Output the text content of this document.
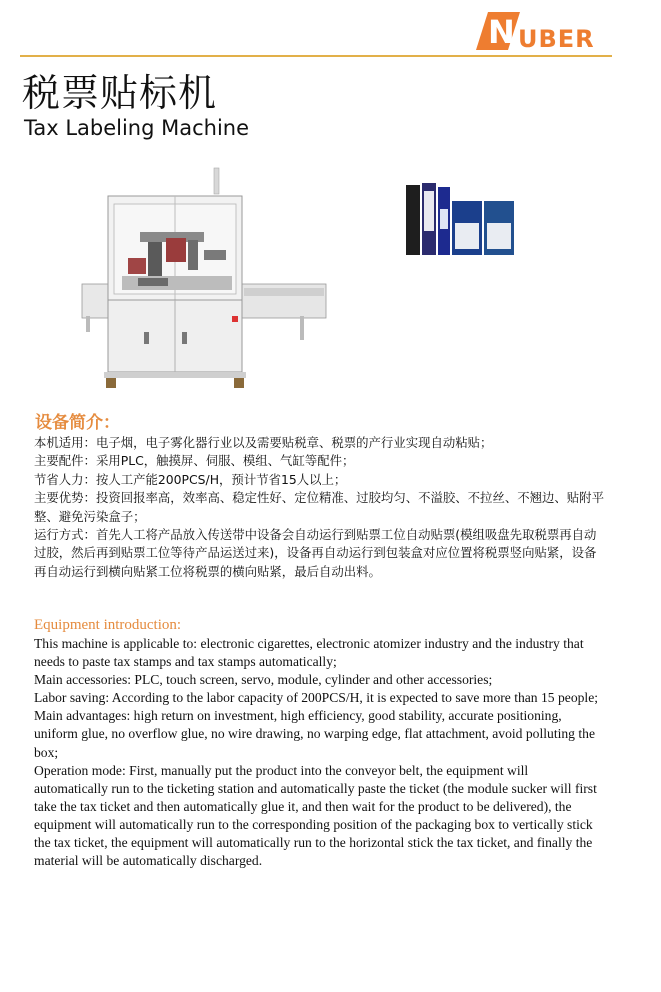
N UBER
税票贴标机
Tax Labeling Machine
设备简介：

本机适用：电子烟，电子雾化器行业以及需要贴税章、税票的产行业实现自动粘贴；

主要配件：采用PLC，触摸屏、伺服、模组、气缸等配件；

节省人力：按人工产能200PCS/H，预计节省15人以上；

主要优势：投资回报率高，效率高、稳定性好、定位精准、过胶均匀、不溢胶、不拉丝、不翘边、贴附平整、避免污染盒子；

运行方式：首先人工将产品放入传送带中设备会自动运行到贴票工位自动贴票(模组吸盘先取税票再自动过胶，然后再到贴票工位等待产品运送过来)，设备再自动运行到包装盒对应位置将税票竖向贴紧，设备再自动运行到横向贴紧工位将税票的横向贴紧，最后自动出料。

Equipment introduction:

This machine is applicable to: electronic cigarettes, electronic atomizer industry and the industry that needs to paste tax stamps and tax stamps automatically;

Main accessories: PLC, touch screen, servo, module, cylinder and other accessories;

Labor saving: According to the labor capacity of 200PCS/H, it is expected to save more than 15 people;

Main advantages: high return on investment, high efficiency, good stability, accurate positioning, uniform glue, no overflow glue, no wire drawing, no warping edge, flat attachment, avoid polluting the box;

Operation mode: First, manually put the product into the conveyor belt, the equipment will automatically run to the ticketing station and automatically paste the ticket (the module sucker will first take the tax ticket and then automatically glue it, and then wait for the product to be delivered), the equipment will automatically run to the corresponding position of the packaging box to vertically stick the tax ticket, the equipment will automatically run to the horizontal stick the tax ticket, and finally the material will be automatically discharged.
